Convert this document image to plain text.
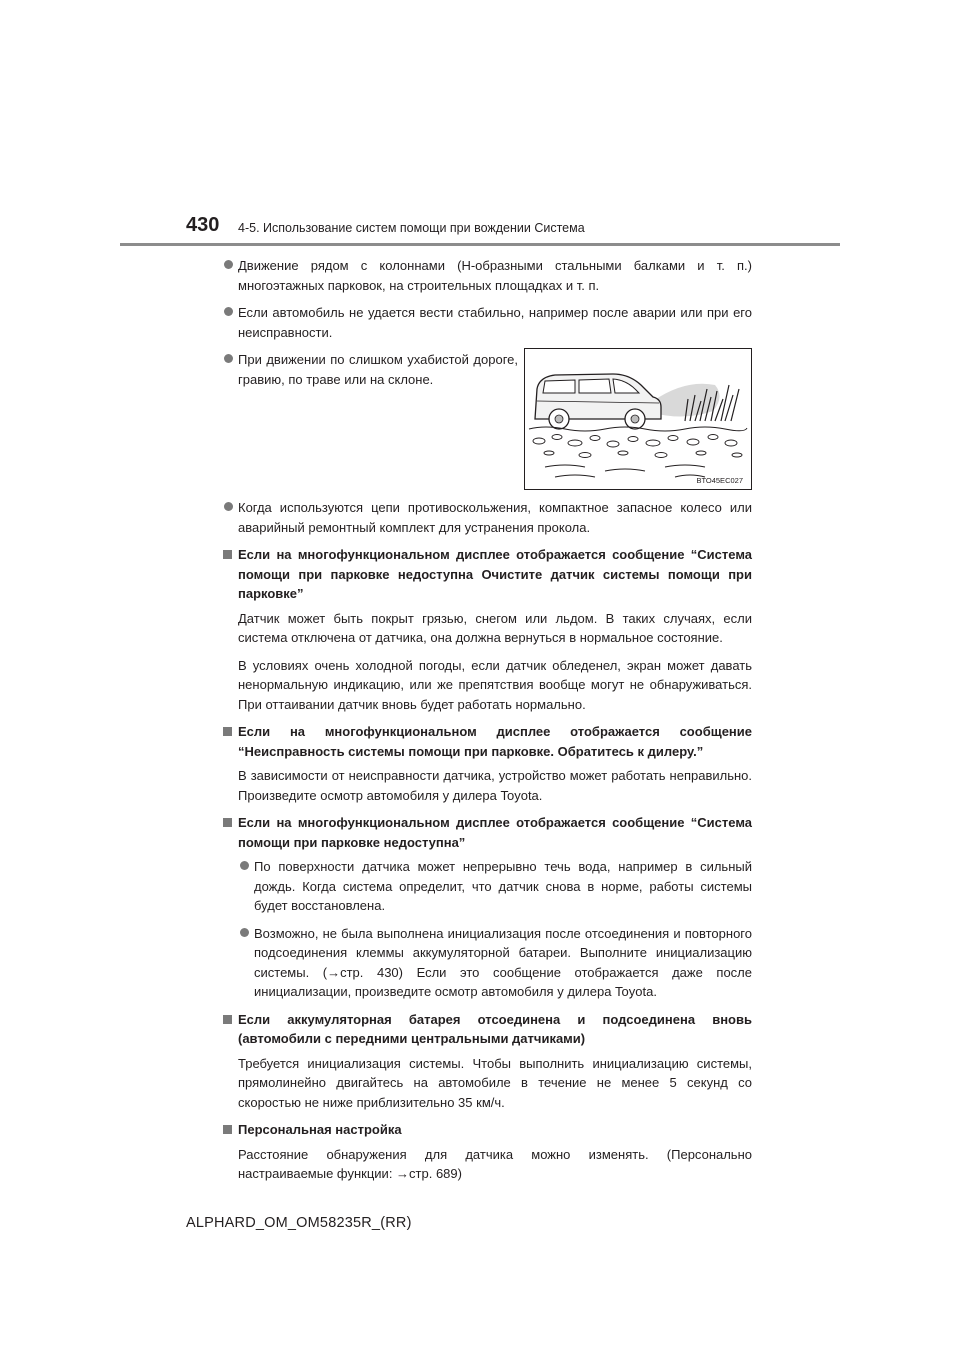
430 4-5. Использование систем помощи при вождении Система

Движение рядом с колоннами (Н-образными стальными балками и т. п.) многоэтажных парковок, на строительных площадках и т. п.

Если автомобиль не удается вести стабильно, например после аварии или при его неисправности.

При движении по слишком ухабистой дороге, гравию, по траве или на склоне.

BTO45EC027

Когда используются цепи противоскольжения, компактное запасное колесо или аварийный ремонтный комплект для устранения прокола.

Если на многофункциональном дисплее отображается сообщение “Система помощи при парковке недоступна Очистите датчик системы помощи при парковке”

Датчик может быть покрыт грязью, снегом или льдом. В таких случаях, если система отключена от датчика, она должна вернуться в нормальное состояние.

В условиях очень холодной погоды, если датчик обледенел, экран может давать ненормальную индикацию, или же препятствия вообще могут не обнаруживаться. При оттаивании датчик вновь будет работать нормально.

Если на многофункциональном дисплее отображается сообщение “Неисправность системы помощи при парковке. Обратитесь к дилеру.”

В зависимости от неисправности датчика, устройство может работать неправильно. Произведите осмотр автомобиля у дилера Toyota.

Если на многофункциональном дисплее отображается сообщение “Система помощи при парковке недоступна”

По поверхности датчика может непрерывно течь вода, например в сильный дождь. Когда система определит, что датчик снова в норме, работы системы будет восстановлена.

Возможно, не была выполнена инициализация после отсоединения и повторного подсоединения клеммы аккумуляторной батареи. Выполните инициализацию системы. (→стр. 430) Если это сообщение отображается даже после инициализации, произведите осмотр автомобиля у дилера Toyota.

Если аккумуляторная батарея отсоединена и подсоединена вновь (автомобили с передними центральными датчиками)

Требуется инициализация системы. Чтобы выполнить инициализацию системы, прямолинейно двигайтесь на автомобиле в течение не менее 5 секунд со скоростью не ниже приблизительно 35 км/ч.

Персональная настройка

Расстояние обнаружения для датчика можно изменять. (Персонально настраиваемые функции: →стр. 689)

ALPHARD_OM_OM58235R_(RR)
